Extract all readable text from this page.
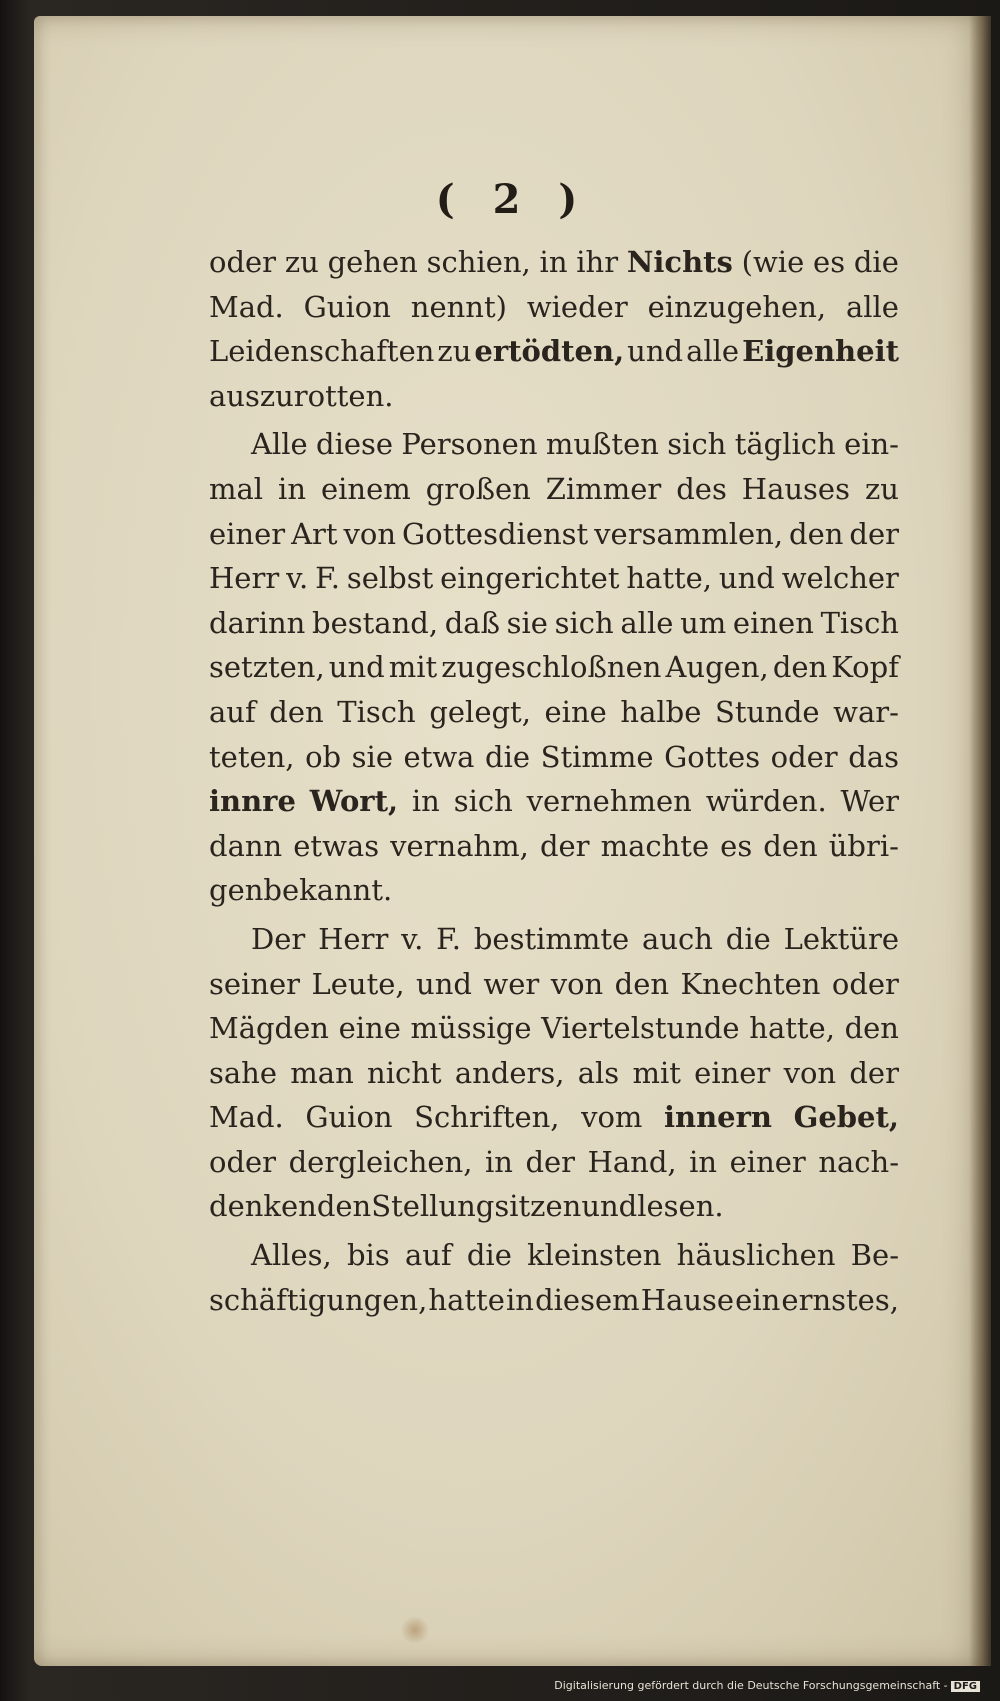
( 2 )
oder zu gehen schien, in ihr Nichts (wie es die
Mad. Guion nennt) wieder einzugehen, alle
Leidenschaften zu ertödten, und alle Eigenheit
auszurotten.
Alle diese Personen mußten sich täglich ein-
mal in einem großen Zimmer des Hauses zu
einer Art von Gottesdienst versammlen, den der
Herr v. F. selbst eingerichtet hatte, und welcher
darinn bestand, daß sie sich alle um einen Tisch
setzten, und mit zugeschloßnen Augen, den Kopf
auf den Tisch gelegt, eine halbe Stunde war-
teten, ob sie etwa die Stimme Gottes oder das
innre Wort, in sich vernehmen würden. Wer
dann etwas vernahm, der machte es den übri-
gen bekannt.
Der Herr v. F. bestimmte auch die Lektüre
seiner Leute, und wer von den Knechten oder
Mägden eine müssige Viertelstunde hatte, den
sahe man nicht anders, als mit einer von der
Mad. Guion Schriften, vom innern Gebet,
oder dergleichen, in der Hand, in einer nach-
denkenden Stellung sitzen und lesen.
Alles, bis auf die kleinsten häuslichen Be-
schäftigungen, hatte in diesem Hause ein ernstes,
Digitalisierung gefördert durch die Deutsche Forschungsgemeinschaft - DFG
